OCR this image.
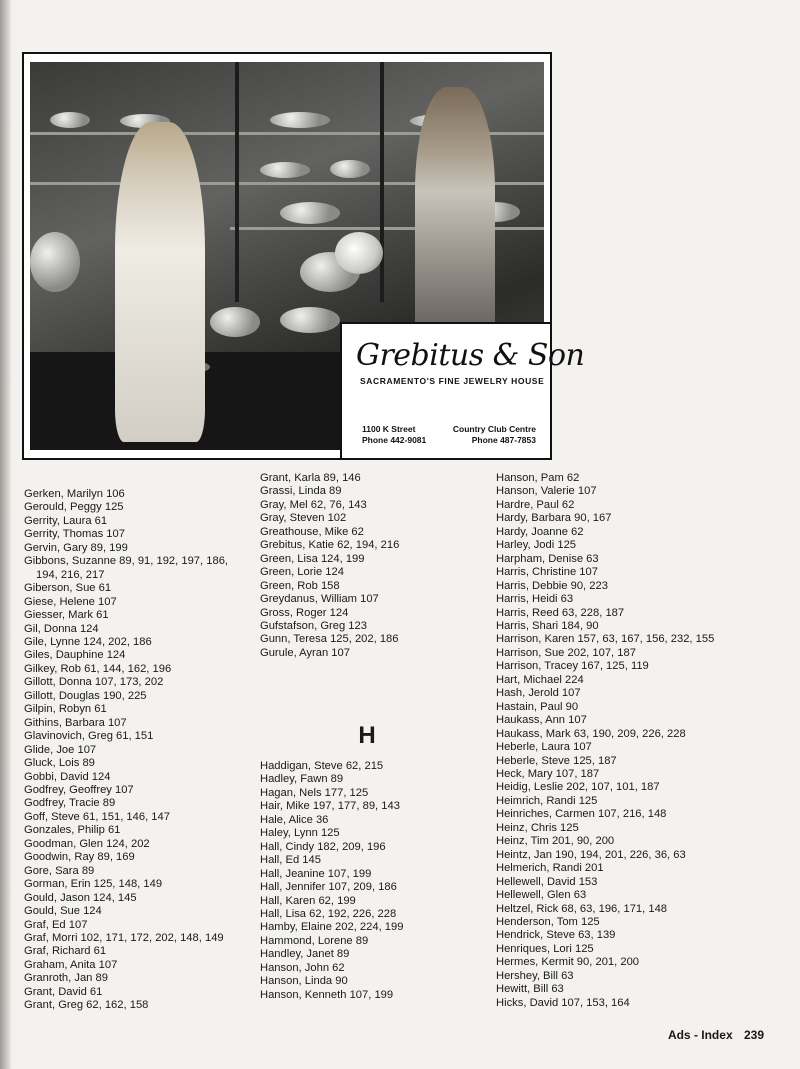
Grebitus & Son
SACRAMENTO'S FINE JEWELRY HOUSE
1100 K Street
Phone 442-9081
Country Club Centre
Phone 487-7853
Gerken, Marilyn 106
Gerould, Peggy 125
Gerrity, Laura 61
Gerrity, Thomas 107
Gervin, Gary 89, 199
Gibbons, Suzanne 89, 91, 192, 197, 186, 194, 216, 217
Giberson, Sue 61
Giese, Helene 107
Giesser, Mark 61
Gil, Donna 124
Gile, Lynne 124, 202, 186
Giles, Dauphine 124
Gilkey, Rob 61, 144, 162, 196
Gillott, Donna 107, 173, 202
Gillott, Douglas 190, 225
Gilpin, Robyn 61
Githins, Barbara 107
Glavinovich, Greg 61, 151
Glide, Joe 107
Gluck, Lois 89
Gobbi, David 124
Godfrey, Geoffrey 107
Godfrey, Tracie 89
Goff, Steve 61, 151, 146, 147
Gonzales, Philip 61
Goodman, Glen 124, 202
Goodwin, Ray 89, 169
Gore, Sara 89
Gorman, Erin 125, 148, 149
Gould, Jason 124, 145
Gould, Sue 124
Graf, Ed 107
Graf, Morri 102, 171, 172, 202, 148, 149
Graf, Richard 61
Graham, Anita 107
Granroth, Jan 89
Grant, David 61
Grant, Greg 62, 162, 158
Grant, Karla 89, 146
Grassi, Linda 89
Gray, Mel 62, 76, 143
Gray, Steven 102
Greathouse, Mike 62
Grebitus, Katie 62, 194, 216
Green, Lisa 124, 199
Green, Lorie 124
Green, Rob 158
Greydanus, William 107
Gross, Roger 124
Gufstafson, Greg 123
Gunn, Teresa 125, 202, 186
Gurule, Ayran 107
H
Haddigan, Steve 62, 215
Hadley, Fawn 89
Hagan, Nels 177, 125
Hair, Mike 197, 177, 89, 143
Hale, Alice 36
Haley, Lynn 125
Hall, Cindy 182, 209, 196
Hall, Ed 145
Hall, Jeanine 107, 199
Hall, Jennifer 107, 209, 186
Hall, Karen 62, 199
Hall, Lisa 62, 192, 226, 228
Hamby, Elaine 202, 224, 199
Hammond, Lorene 89
Handley, Janet 89
Hanson, John 62
Hanson, Linda 90
Hanson, Kenneth 107, 199
Hanson, Pam 62
Hanson, Valerie 107
Hardre, Paul 62
Hardy, Barbara 90, 167
Hardy, Joanne 62
Harley, Jodi 125
Harpham, Denise 63
Harris, Christine 107
Harris, Debbie 90, 223
Harris, Heidi 63
Harris, Reed 63, 228, 187
Harris, Shari 184, 90
Harrison, Karen 157, 63, 167, 156, 232, 155
Harrison, Sue 202, 107, 187
Harrison, Tracey 167, 125, 119
Hart, Michael 224
Hash, Jerold 107
Hastain, Paul 90
Haukass, Ann 107
Haukass, Mark 63, 190, 209, 226, 228
Heberle, Laura 107
Heberle, Steve 125, 187
Heck, Mary 107, 187
Heidig, Leslie 202, 107, 101, 187
Heimrich, Randi 125
Heinriches, Carmen 107, 216, 148
Heinz, Chris 125
Heinz, Tim 201, 90, 200
Heintz, Jan 190, 194, 201, 226, 36, 63
Helmerich, Randi 201
Hellewell, David 153
Hellewell, Glen 63
Heltzel, Rick 68, 63, 196, 171, 148
Henderson, Tom 125
Hendrick, Steve 63, 139
Henriques, Lori 125
Hermes, Kermit 90, 201, 200
Hershey, Bill 63
Hewitt, Bill 63
Hicks, David 107, 153, 164
Ads - Index 239
